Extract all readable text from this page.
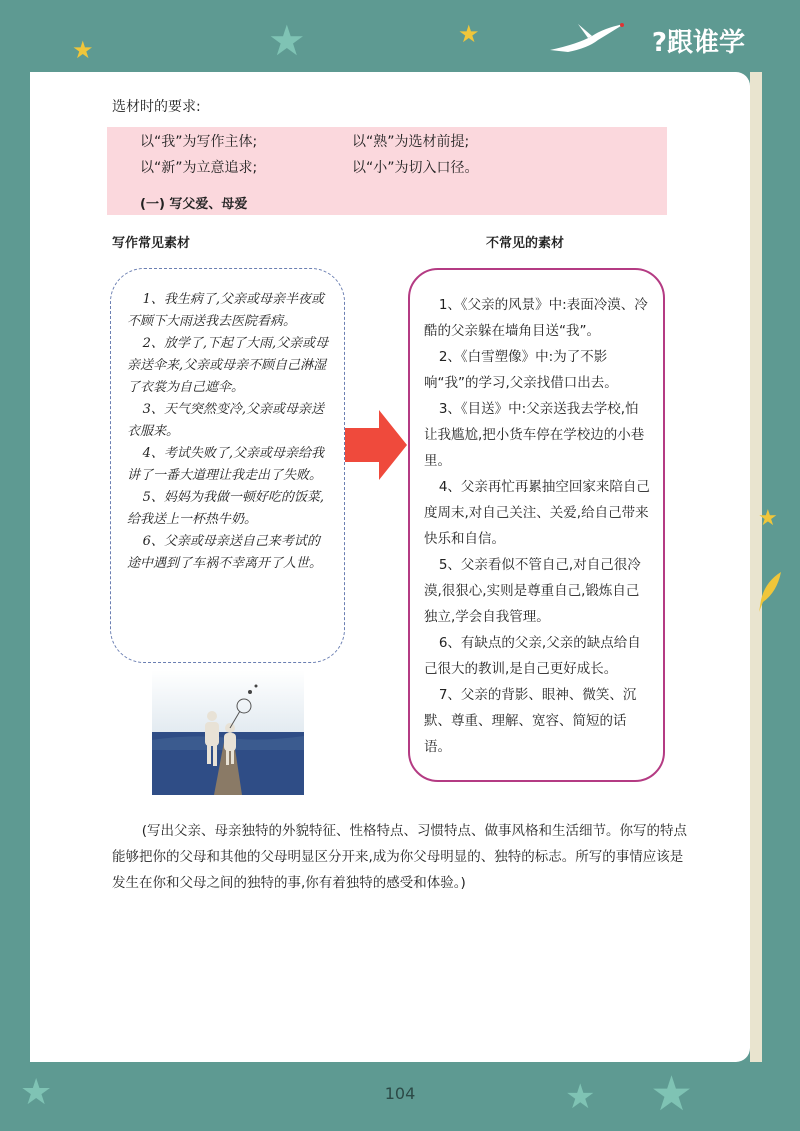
★	★	★	?跟谁学
选材时的要求:
以“我”为写作主体;	以“熟”为选材前提;
以“新”为立意追求;	以“小”为切入口径。
(一) 写父爱、母爱
写作常见素材	不常见的素材

1、我生病了,父亲或母亲半夜或不顾下大雨送我去医院看病。

2、放学了,下起了大雨,父亲或母亲送伞来,父亲或母亲不顾自己淋湿了衣裳为自己遮伞。

3、天气突然变冷,父亲或母亲送衣服来。

4、考试失败了,父亲或母亲给我讲了一番大道理让我走出了失败。

5、妈妈为我做一顿好吃的饭菜,给我送上一杯热牛奶。

6、父亲或母亲送自己来考试的途中遇到了车祸不幸离开了人世。

1、《父亲的风景》中:表面冷漠、冷酷的父亲躲在墙角目送“我”。

2、《白雪塑像》中:为了不影响“我”的学习,父亲找借口出去。

3、《目送》中:父亲送我去学校,怕让我尴尬,把小货车停在学校边的小巷里。

4、父亲再忙再累抽空回家来陪自己度周末,对自己关注、关爱,给自己带来快乐和自信。

5、父亲看似不管自己,对自己很冷漠,很狠心,实则是尊重自己,锻炼自己独立,学会自我管理。

6、有缺点的父亲,父亲的缺点给自己很大的教训,是自己更好成长。

7、父亲的背影、眼神、微笑、沉默、尊重、理解、宽容、简短的话语。

★

(写出父亲、母亲独特的外貌特征、性格特点、习惯特点、做事风格和生活细节。你写的特点能够把你的父母和其他的父母明显区分开来,成为你父母明显的、独特的标志。所写的事情应该是发生在你和父母之间的独特的事,你有着独特的感受和体验。)

★	★ ★
104
